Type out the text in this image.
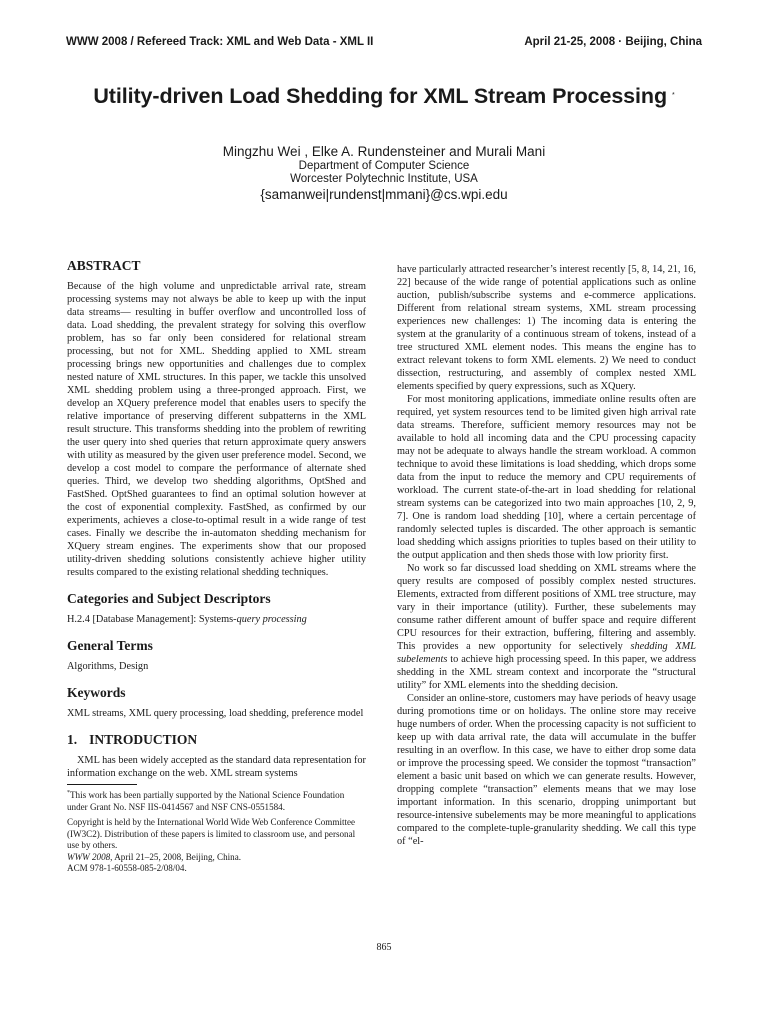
WWW 2008 / Refereed Track: XML and Web Data - XML II	April 21-25, 2008 · Beijing, China
Utility-driven Load Shedding for XML Stream Processing *
Mingzhu Wei , Elke A. Rundensteiner and Murali Mani
Department of Computer Science
Worcester Polytechnic Institute, USA
{samanwei|rundenst|mmani}@cs.wpi.edu
ABSTRACT

Because of the high volume and unpredictable arrival rate, stream processing systems may not always be able to keep up with the input data streams— resulting in buffer overflow and uncontrolled loss of data. Load shedding, the prevalent strategy for solving this overflow problem, has so far only been considered for relational stream processing, but not for XML. Shedding applied to XML stream processing brings new opportunities and challenges due to complex nested nature of XML structures. In this paper, we tackle this unsolved XML shedding problem using a three-pronged approach. First, we develop an XQuery preference model that enables users to specify the relative importance of preserving different subpatterns in the XML result structure. This transforms shedding into the problem of rewriting the user query into shed queries that return approximate query answers with utility as measured by the given user preference model. Second, we develop a cost model to compare the performance of alternate shed queries. Third, we develop two shedding algorithms, OptShed and FastShed. OptShed guarantees to find an optimal solution however at the cost of exponential complexity. FastShed, as confirmed by our experiments, achieves a close-to-optimal result in a wide range of test cases. Finally we describe the in-automaton shedding mechanism for XQuery stream engines. The experiments show that our proposed utility-driven shedding solutions consistently achieve higher utility results compared to the existing relational shedding techniques.

Categories and Subject Descriptors

H.2.4 [Database Management]: Systems-query processing

General Terms

Algorithms, Design

Keywords

XML streams, XML query processing, load shedding, preference model

1. INTRODUCTION

XML has been widely accepted as the standard data representation for information exchange on the web. XML stream systems

*This work has been partially supported by the National Science Foundation under Grant No. NSF IIS-0414567 and NSF CNS-0551584.

Copyright is held by the International World Wide Web Conference Committee (IW3C2). Distribution of these papers is limited to classroom use, and personal use by others.

WWW 2008, April 21–25, 2008, Beijing, China.

ACM 978-1-60558-085-2/08/04.

have particularly attracted researcher’s interest recently [5, 8, 14, 21, 16, 22] because of the wide range of potential applications such as online auction, publish/subscribe systems and e-commerce applications. Different from relational stream systems, XML stream processing experiences new challenges: 1) The incoming data is entering the system at the granularity of a continuous stream of tokens, instead of a tree structured XML element nodes. This means the engine has to extract relevant tokens to form XML elements. 2) We need to conduct dissection, restructuring, and assembly of complex nested XML elements specified by query expressions, such as XQuery.

For most monitoring applications, immediate online results often are required, yet system resources tend to be limited given high arrival rate data streams. Therefore, sufficient memory resources may not be available to hold all incoming data and the CPU processing capacity may not be adequate to always handle the stream workload. A common technique to avoid these limitations is load shedding, which drops some data from the input to reduce the memory and CPU requirements of workload. The current state-of-the-art in load shedding for relational stream systems can be categorized into two main approaches [10, 2, 9, 7]. One is random load shedding [10], where a certain percentage of randomly selected tuples is discarded. The other approach is semantic load shedding which assigns priorities to tuples based on their utility to the output application and then sheds those with low priority first.

No work so far discussed load shedding on XML streams where the query results are composed of possibly complex nested structures. Elements, extracted from different positions of XML tree structure, may vary in their importance (utility). Further, these subelements may consume rather different amount of buffer space and require different CPU resources for their extraction, buffering, filtering and assembly. This provides a new opportunity for selectively shedding XML subelements to achieve high processing speed. In this paper, we address shedding in the XML stream context and incorporate the “structural utility” for XML elements into the shedding decision.

Consider an online-store, customers may have periods of heavy usage during promotions time or on holidays. The online store may receive huge numbers of order. When the processing capacity is not sufficient to keep up with data arrival rate, the data will accumulate in the buffer resulting in an overflow. In this case, we have to either drop some data or improve the processing speed. We consider the topmost “transaction” element a basic unit based on which we can generate results. However, dropping complete “transaction” elements means that we may lose important information. In this scenario, dropping unimportant but resource-intensive subelements may be more meaningful to applications compared to the complete-tuple-granularity shedding. We call this type of “el-

865
